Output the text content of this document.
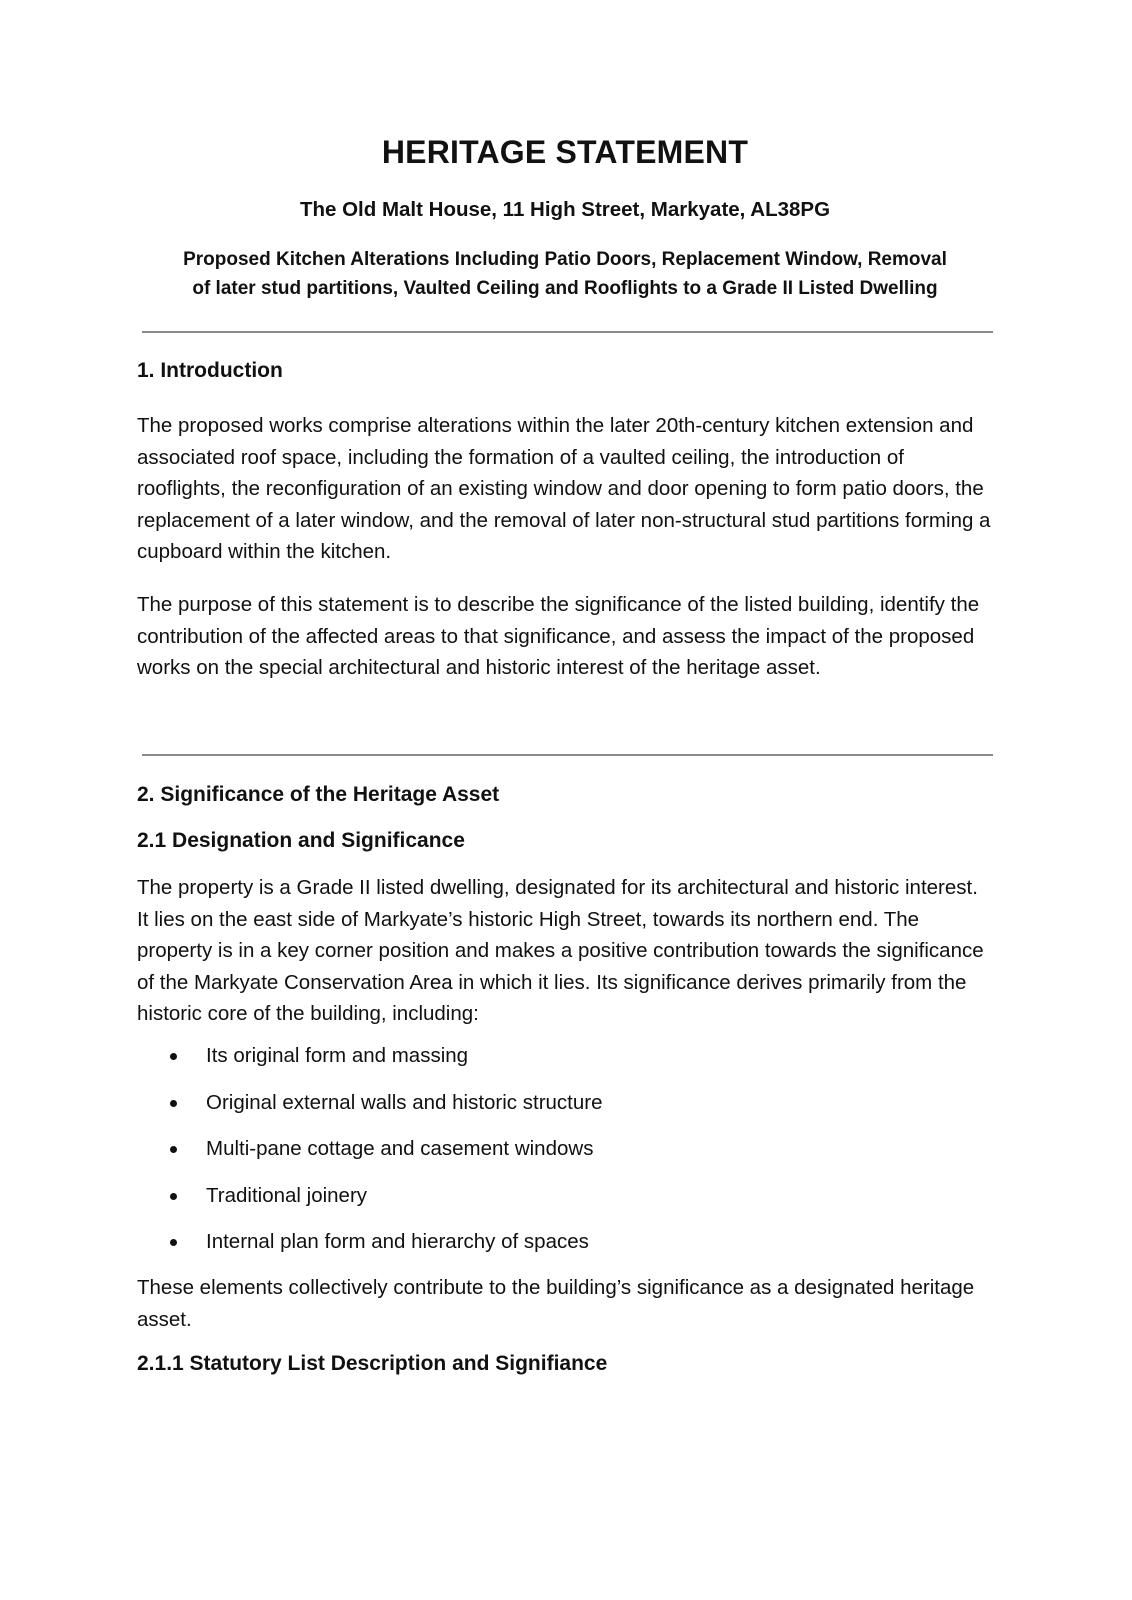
HERITAGE STATEMENT

The Old Malt House, 11 High Street, Markyate, AL38PG

Proposed Kitchen Alterations Including Patio Doors, Replacement Window, Removal
of later stud partitions, Vaulted Ceiling and Rooflights to a Grade II Listed Dwelling
1. Introduction

The proposed works comprise alterations within the later 20th-century kitchen extension and associated roof space, including the formation of a vaulted ceiling, the introduction of rooflights, the reconfiguration of an existing window and door opening to form patio doors, the replacement of a later window, and the removal of later non-structural stud partitions forming a cupboard within the kitchen.

The purpose of this statement is to describe the significance of the listed building, identify the contribution of the affected areas to that significance, and assess the impact of the proposed works on the special architectural and historic interest of the heritage asset.

2. Significance of the Heritage Asset
2.1 Designation and Significance

The property is a Grade II listed dwelling, designated for its architectural and historic interest. It lies on the east side of Markyate’s historic High Street, towards its northern end. The property is in a key corner position and makes a positive contribution towards the significance of the Markyate Conservation Area in which it lies. Its significance derives primarily from the historic core of the building, including:

Its original form and massing
Original external walls and historic structure
Multi-pane cottage and casement windows
Traditional joinery
Internal plan form and hierarchy of spaces

These elements collectively contribute to the building’s significance as a designated heritage asset.

2.1.1 Statutory List Description and Signifiance
